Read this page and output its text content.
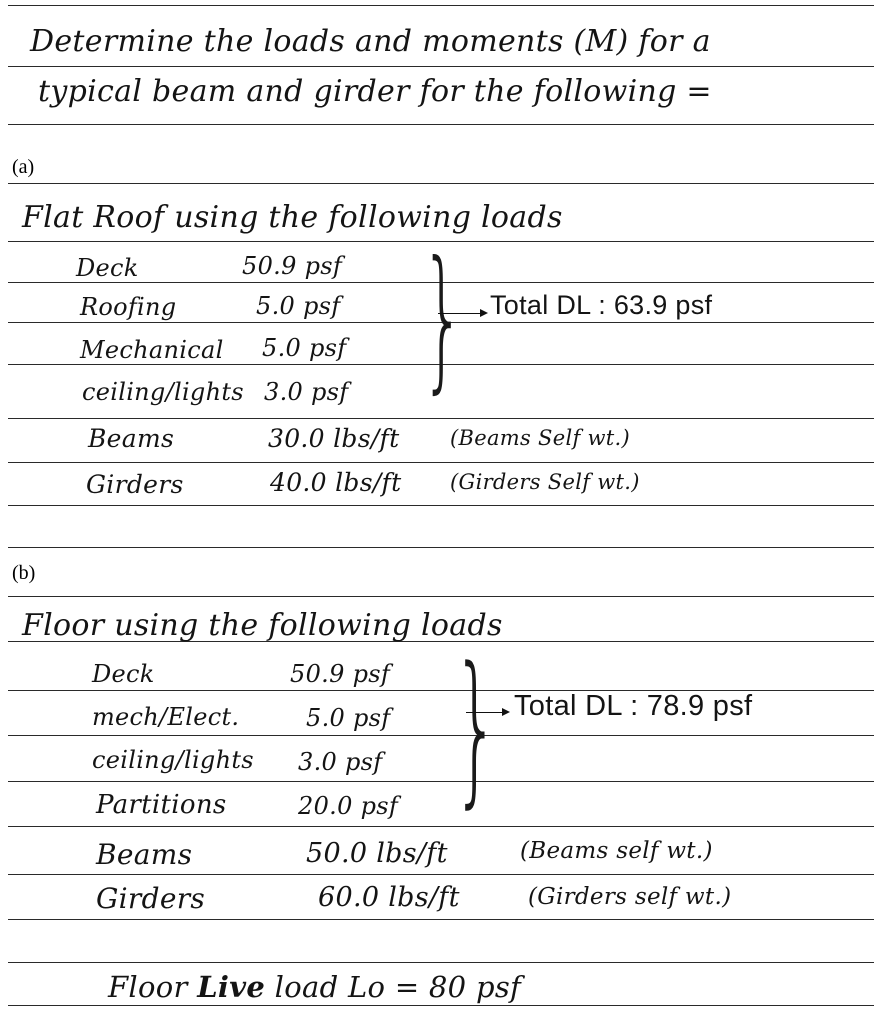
Determine the loads and moments (M) for a
typical beam and girder for the following =
(a)
Flat Roof using the following loads
Deck	50.9 psf
Roofing	5.0 psf
Mechanical 5.0 psf
ceiling/lights 3.0 psf } Total DL : 63.9 psf
Beams	30.0 lbs/ft (Beams Self wt.)
Girders	40.0 lbs/ft (Girders Self wt.)
(b)
Floor using the following loads
Deck	50.9 psf
mech/Elect.	5.0 psf
ceiling/lights 3.0 psf
Partitions	20.0 psf } Total DL : 78.9 psf
Beams	50.0 lbs/ft	(Beams self wt.)
Girders	60.0 lbs/ft	(Girders self wt.)
Floor Live load Lo = 80 psf
